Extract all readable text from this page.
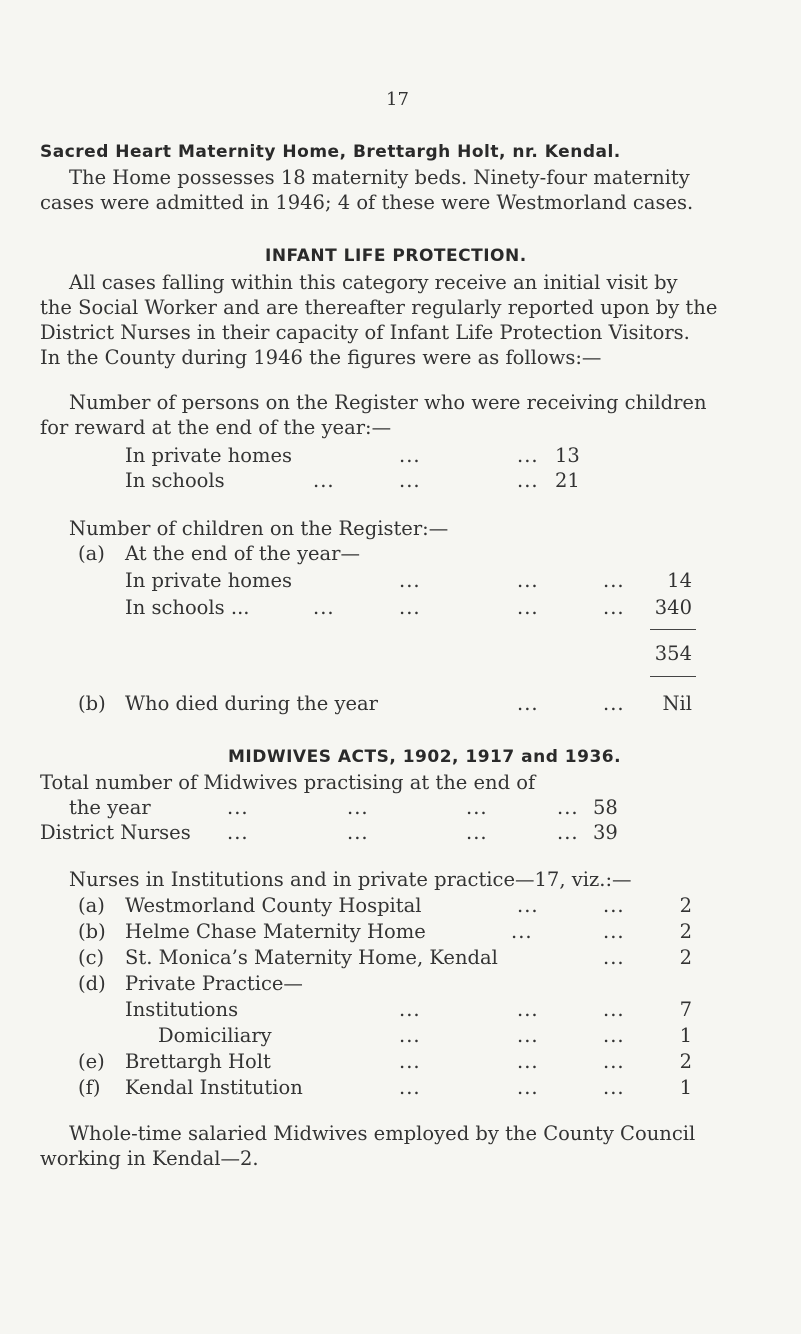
17
Sacred Heart Maternity Home, Brettargh Holt, nr. Kendal.
The Home possesses 18 maternity beds. Ninety-four maternity
cases were admitted in 1946; 4 of these were Westmorland cases.
INFANT LIFE PROTECTION.
All cases falling within this category receive an initial visit by
the Social Worker and are thereafter regularly reported upon by the
District Nurses in their capacity of Infant Life Protection Visitors.
In the County during 1946 the figures were as follows:—
Number of persons on the Register who were receiving children
for reward at the end of the year:—
In private homes	...	... 13
In schools	...	...	... 21
Number of children on the Register:—
(a) At the end of the year—
In private homes	...	...	...	14
In schools ...	...	...	...	...	340
354
(b) Who died during the year	...	...	Nil
MIDWIVES ACTS, 1902, 1917 and 1936.
Total number of Midwives practising at the end of
the year	...	...	...	... 58
District Nurses ...	...	...	... 39
Nurses in Institutions and in private practice—17, viz.:—
(a) Westmorland County Hospital	...	...	2
(b) Helme Chase Maternity Home	...	...	2
(c) St. Monica’s Maternity Home, Kendal	...	2
(d) Private Practice—
Institutions	...	...	...	7
Domiciliary	...	...	...	1
(e) Brettargh Holt	...	...	...	2
(f) Kendal Institution	...	...	...	1
Whole-time salaried Midwives employed by the County Council
working in Kendal—2.
